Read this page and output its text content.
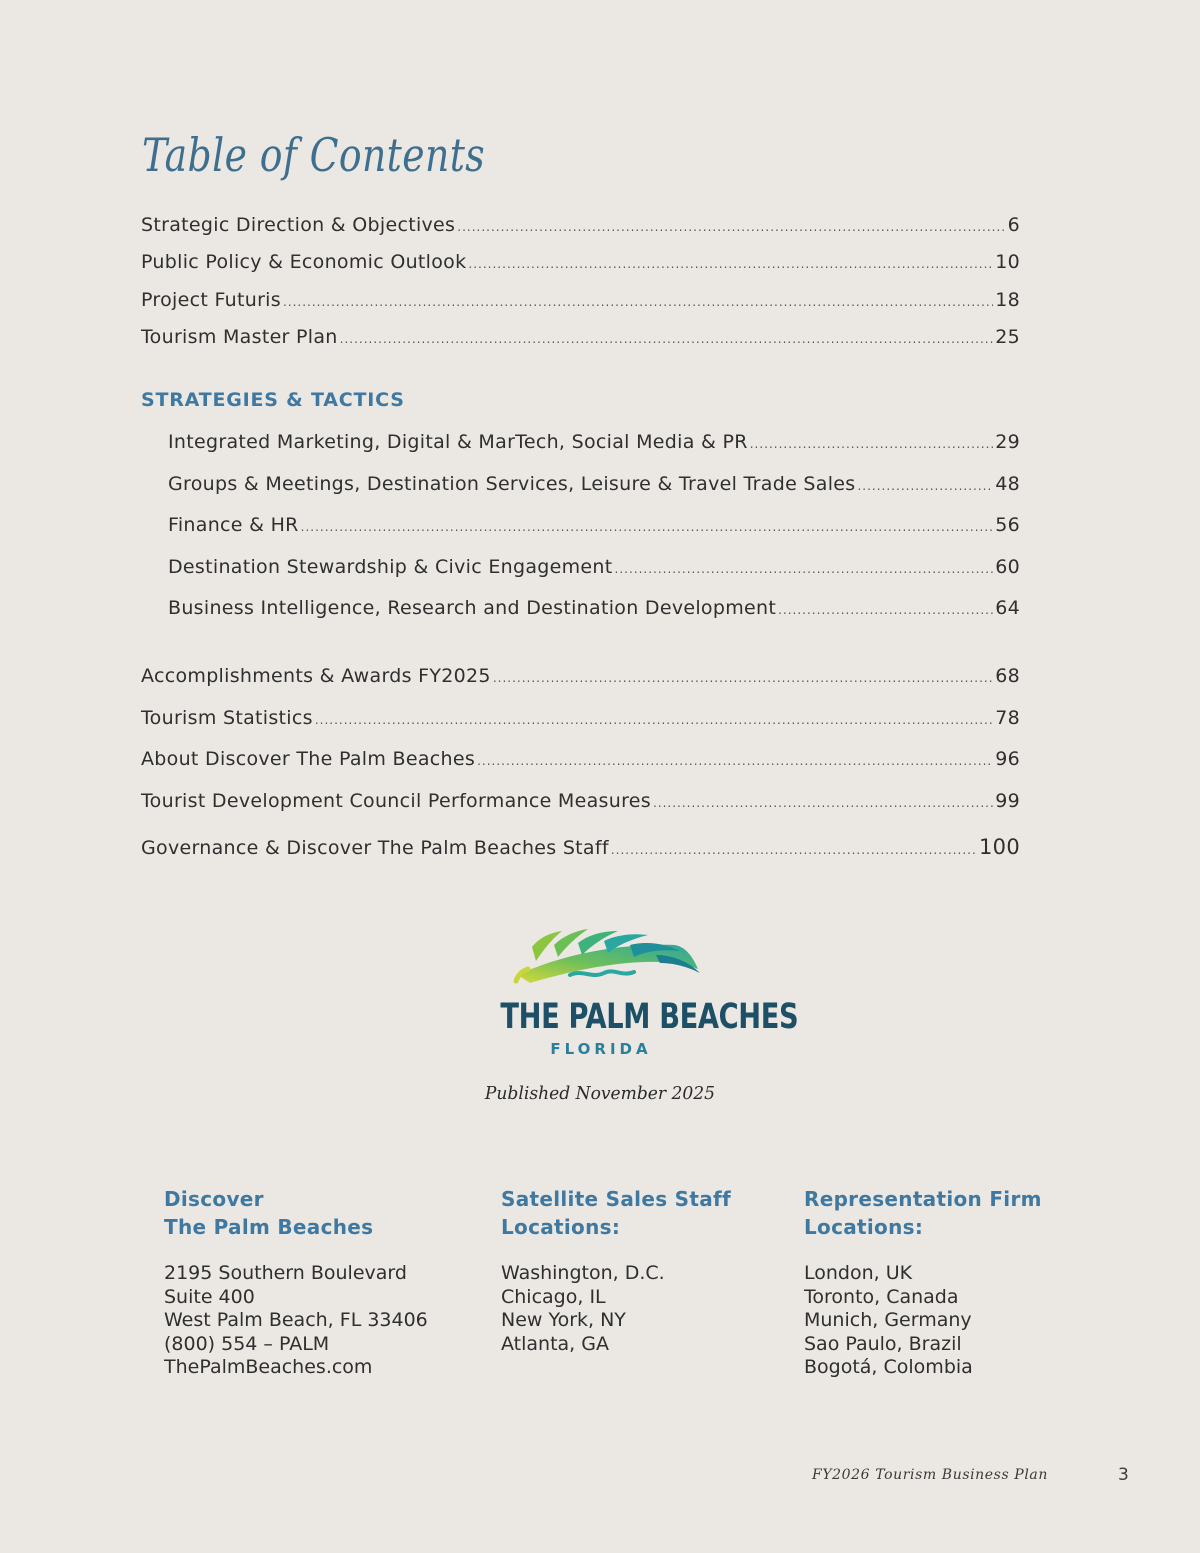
Table of Contents
Strategic Direction & Objectives .....	6
Public Policy & Economic Outlook .....	10
Project Futuris .....	18
Tourism Master Plan .....	25
STRATEGIES & TACTICS
Integrated Marketing, Digital & MarTech, Social Media & PR .....	29
Groups & Meetings, Destination Services, Leisure & Travel Trade Sales .....	48
Finance & HR .....	56
Destination Stewardship & Civic Engagement .....	60
Business Intelligence, Research and Destination Development .....	64
Accomplishments & Awards FY2025 .....	68
Tourism Statistics .....	78
About Discover The Palm Beaches .....	96
Tourist Development Council Performance Measures .....	99
Governance & Discover The Palm Beaches Staff .....	100
THE PALM BEACHES
FLORIDA
Published November 2025
Discover
The Palm Beaches
2195 Southern Boulevard
Suite 400
West Palm Beach, FL 33406
(800) 554 – PALM
ThePalmBeaches.com
Satellite Sales Staff
Locations:
Washington, D.C.
Chicago, IL
New York, NY
Atlanta, GA
Representation Firm
Locations:
London, UK
Toronto, Canada
Munich, Germany
Sao Paulo, Brazil
Bogotá, Colombia
FY2026 Tourism Business Plan	3
